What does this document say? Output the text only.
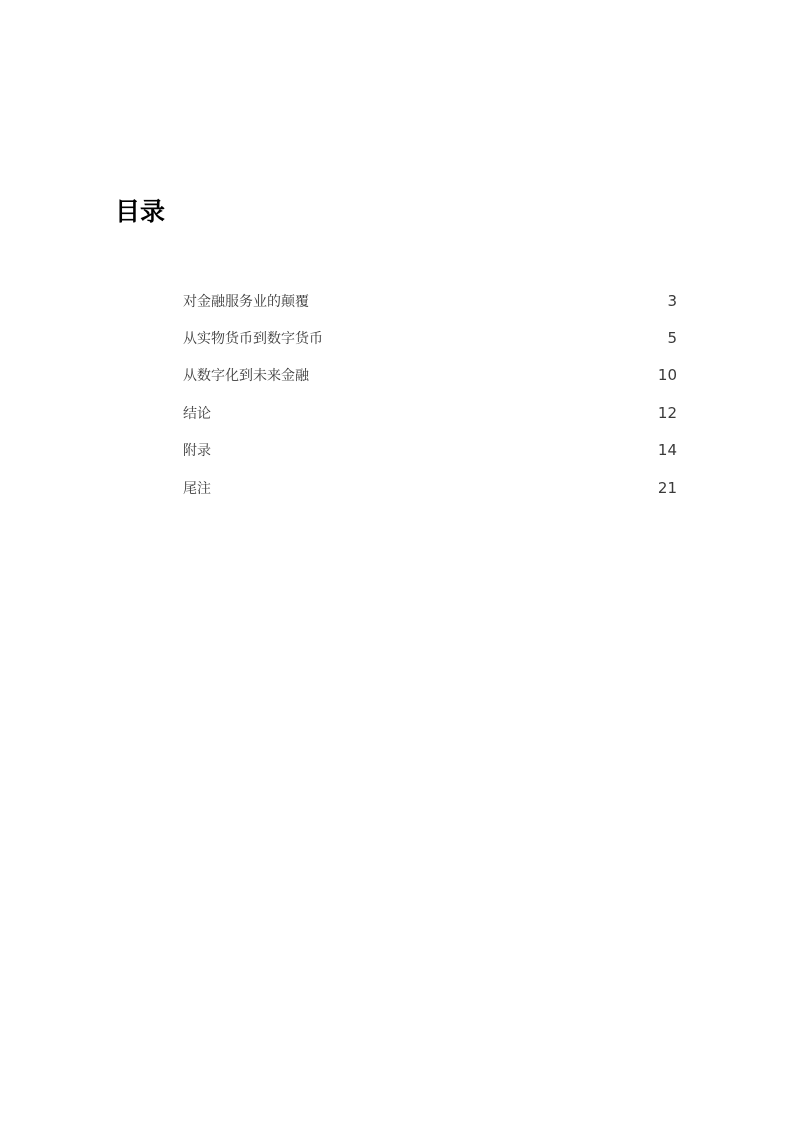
目录
对金融服务业的颠覆	3
从实物货币到数字货币	5
从数字化到未来金融	10
结论	12
附录	14
尾注	21
